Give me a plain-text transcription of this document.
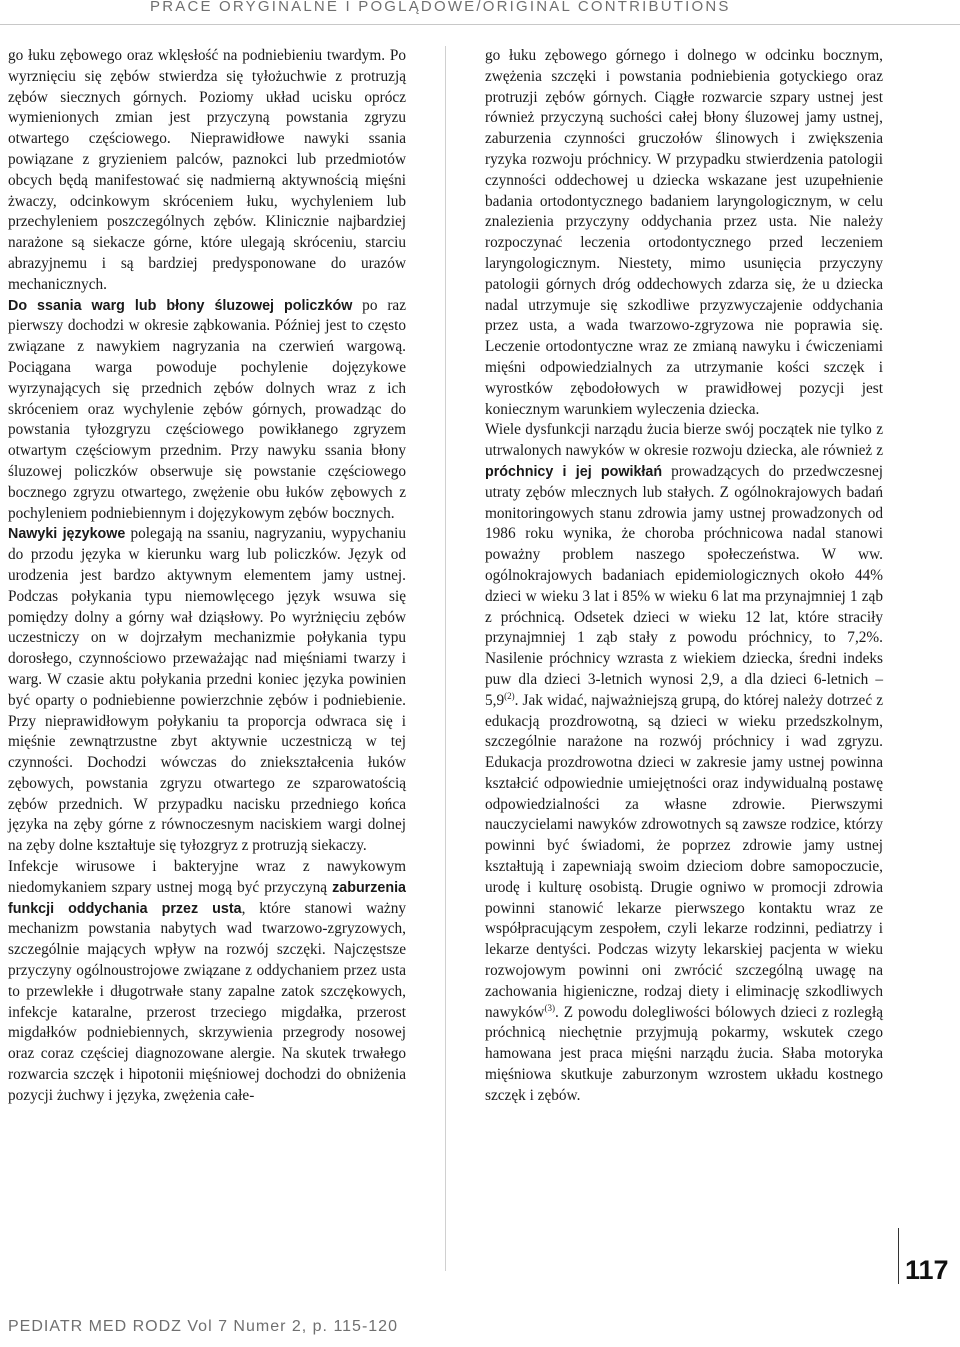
PRACE ORYGINALNE I POGLĄDOWE/ORIGINAL CONTRIBUTIONS

go łuku zębowego oraz wklęsłość na podniebieniu twardym. Po wyrznięciu się zębów stwierdza się tyłożuchwie z protruzją zębów siecznych górnych. Poziomy układ ucisku oprócz wymienionych zmian jest przyczyną powstania zgryzu otwartego częściowego. Nieprawidłowe nawyki ssania powiązane z gryzieniem palców, paznokci lub przedmiotów obcych będą manifestować się nadmierną aktywnością mięśni żwaczy, odcinkowym skróceniem łuku, wychyleniem lub przechyleniem poszczególnych zębów. Klinicznie najbardziej narażone są siekacze górne, które ulegają skróceniu, starciu abrazyjnemu i są bardziej predysponowane do urazów mechanicznych.

Do ssania warg lub błony śluzowej policzków po raz pierwszy dochodzi w okresie ząbkowania. Później jest to często związane z nawykiem nagryzania na czerwień wargową. Pociągana warga powoduje pochylenie dojęzykowe wyrzynających się przednich zębów dolnych wraz z ich skróceniem oraz wychylenie zębów górnych, prowadząc do powstania tyłozgryzu częściowego powikłanego zgryzem otwartym częściowym przednim. Przy nawyku ssania błony śluzowej policzków obserwuje się powstanie częściowego bocznego zgryzu otwartego, zwężenie obu łuków zębowych z pochyleniem podniebiennym i dojęzykowym zębów bocznych.

Nawyki językowe polegają na ssaniu, nagryzaniu, wypychaniu do przodu języka w kierunku warg lub policzków. Język od urodzenia jest bardzo aktywnym elementem jamy ustnej. Podczas połykania typu niemowlęcego język wsuwa się pomiędzy dolny a górny wał dziąsłowy. Po wyrżnięciu zębów uczestniczy on w dojrzałym mechanizmie połykania typu dorosłego, czynnościowo przeważając nad mięśniami twarzy i warg. W czasie aktu połykania przedni koniec języka powinien być oparty o podniebienne powierzchnie zębów i podniebienie. Przy nieprawidłowym połykaniu ta proporcja odwraca się i mięśnie zewnątrzustne zbyt aktywnie uczestniczą w tej czynności. Dochodzi wówczas do zniekształcenia łuków zębowych, powstania zgryzu otwartego ze szparowatością zębów przednich. W przypadku nacisku przedniego końca języka na zęby górne z równoczesnym naciskiem wargi dolnej na zęby dolne kształtuje się tyłozgryz z protruzją siekaczy.

Infekcje wirusowe i bakteryjne wraz z nawykowym niedomykaniem szpary ustnej mogą być przyczyną zaburzenia funkcji oddychania przez usta, które stanowi ważny mechanizm powstania nabytych wad twarzowo-zgryzowych, szczególnie mających wpływ na rozwój szczęki. Najczęstsze przyczyny ogólnoustrojowe związane z oddychaniem przez usta to przewlekłe i długotrwałe stany zapalne zatok szczękowych, infekcje kataralne, przerost trzeciego migdałka, przerost migdałków podniebiennych, skrzywienia przegrody nosowej oraz coraz częściej diagnozowane alergie. Na skutek trwałego rozwarcia szczęk i hipotonii mięśniowej dochodzi do obniżenia pozycji żuchwy i języka, zwężenia całe-

go łuku zębowego górnego i dolnego w odcinku bocznym, zwężenia szczęki i powstania podniebienia gotyckiego oraz protruzji zębów górnych. Ciągłe rozwarcie szpary ustnej jest również przyczyną suchości całej błony śluzowej jamy ustnej, zaburzenia czynności gruczołów ślinowych i zwiększenia ryzyka rozwoju próchnicy. W przypadku stwierdzenia patologii czynności oddechowej u dziecka wskazane jest uzupełnienie badania ortodontycznego badaniem laryngologicznym, w celu znalezienia przyczyny oddychania przez usta. Nie należy rozpoczynać leczenia ortodontycznego przed leczeniem laryngologicznym. Niestety, mimo usunięcia przyczyny patologii górnych dróg oddechowych zdarza się, że u dziecka nadal utrzymuje się szkodliwe przyzwyczajenie oddychania przez usta, a wada twarzowo-zgryzowa nie poprawia się. Leczenie ortodontyczne wraz ze zmianą nawyku i ćwiczeniami mięśni odpowiedzialnych za utrzymanie kości szczęk i wyrostków zębodołowych w prawidłowej pozycji jest koniecznym warunkiem wyleczenia dziecka.

Wiele dysfunkcji narządu żucia bierze swój początek nie tylko z utrwalonych nawyków w okresie rozwoju dziecka, ale również z próchnicy i jej powikłań prowadzących do przedwczesnej utraty zębów mlecznych lub stałych. Z ogólnokrajowych badań monitoringowych stanu zdrowia jamy ustnej prowadzonych od 1986 roku wynika, że choroba próchnicowa nadal stanowi poważny problem naszego społeczeństwa. W ww. ogólnokrajowych badaniach epidemiologicznych około 44% dzieci w wieku 3 lat i 85% w wieku 6 lat ma przynajmniej 1 ząb z próchnicą. Odsetek dzieci w wieku 12 lat, które straciły przynajmniej 1 ząb stały z powodu próchnicy, to 7,2%. Nasilenie próchnicy wzrasta z wiekiem dziecka, średni indeks puw dla dzieci 3-letnich wynosi 2,9, a dla dzieci 6-letnich – 5,9$^{(2)}$. Jak widać, najważniejszą grupą, do której należy dotrzeć z edukacją prozdrowotną, są dzieci w wieku przedszkolnym, szczególnie narażone na rozwój próchnicy i wad zgryzu. Edukacja prozdrowotna dzieci w zakresie jamy ustnej powinna kształcić odpowiednie umiejętności oraz indywidualną postawę odpowiedzialności za własne zdrowie. Pierwszymi nauczycielami nawyków zdrowotnych są zawsze rodzice, którzy powinni być świadomi, że poprzez zdrowie jamy ustnej kształtują i zapewniają swoim dzieciom dobre samopoczucie, urodę i kulturę osobistą. Drugie ogniwo w promocji zdrowia powinni stanowić lekarze pierwszego kontaktu wraz ze współpracującym zespołem, czyli lekarze rodzinni, pediatrzy i lekarze dentyści. Podczas wizyty lekarskiej pacjenta w wieku rozwojowym powinni oni zwrócić szczególną uwagę na zachowania higieniczne, rodzaj diety i eliminację szkodliwych nawyków$^{(3)}$. Z powodu dolegliwości bólowych dzieci z rozległą próchnicą niechętnie przyjmują pokarmy, wskutek czego hamowana jest praca mięśni narządu żucia. Słaba motoryka mięśniowa skutkuje zaburzonym wzrostem układu kostnego szczęk i zębów.

117
PEDIATR MED RODZ Vol 7 Numer 2, p. 115-120
